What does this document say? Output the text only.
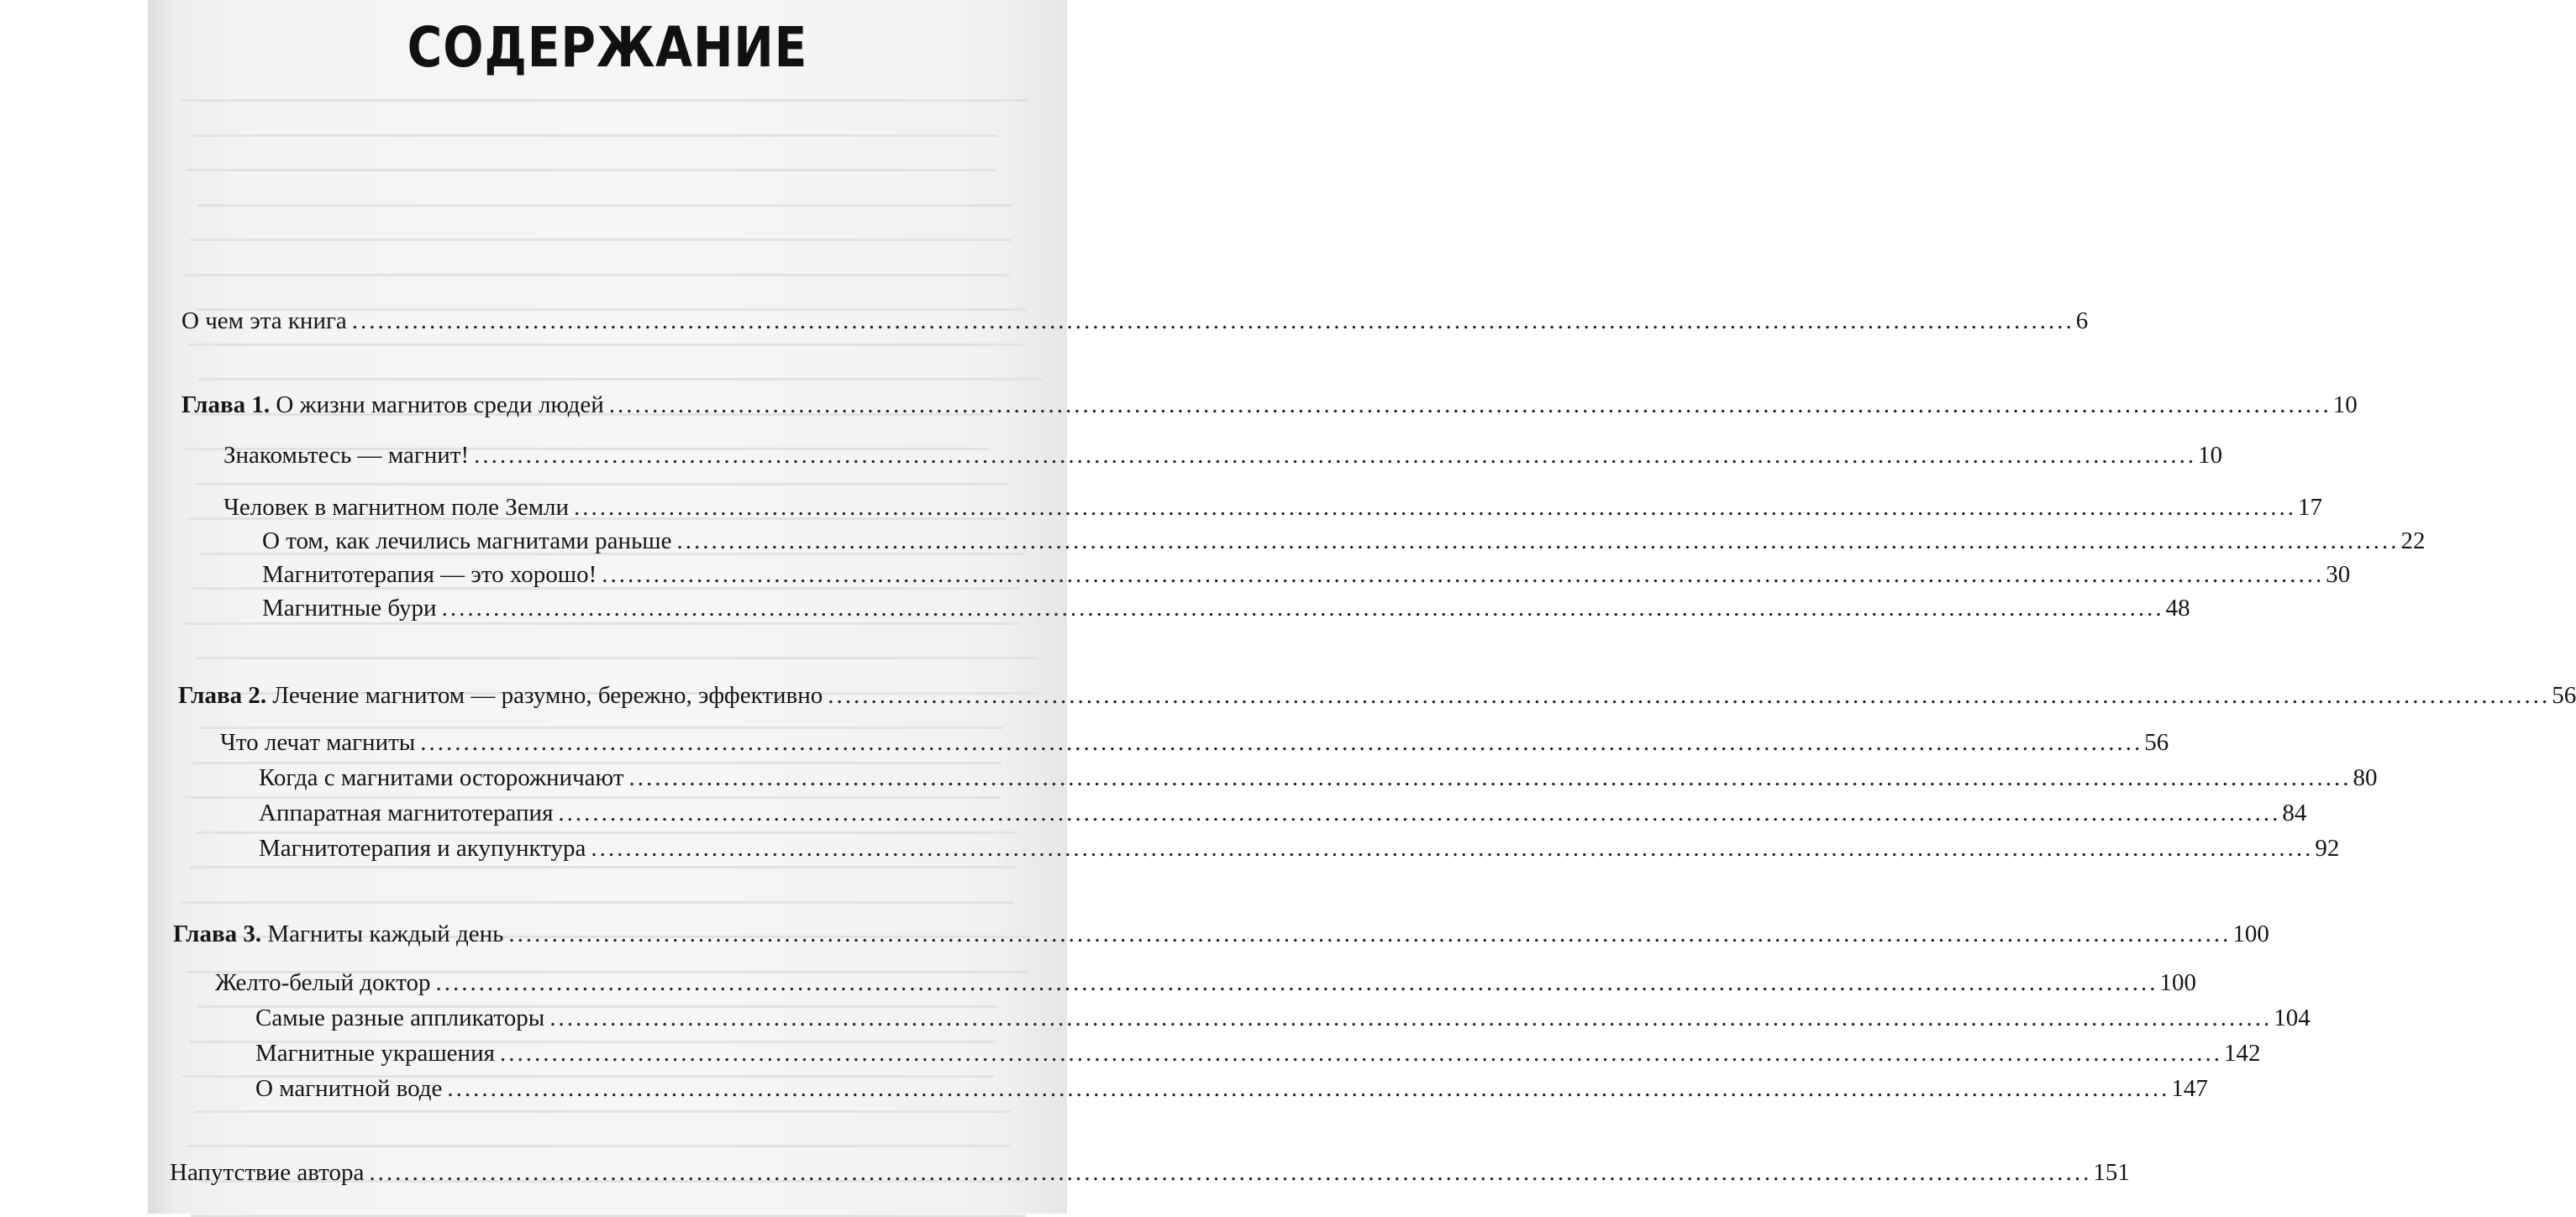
СОДЕРЖАНИЕ
О чем эта книга ........................................................................................................................................................................................................ 6
Глава 1. О жизни магнитов среди людей ........................................................................................................................................................................................................ 10
Знакомьтесь — магнит! ........................................................................................................................................................................................................ 10
Человек в магнитном поле Земли ........................................................................................................................................................................................................ 17
О том, как лечились магнитами раньше ........................................................................................................................................................................................................ 22
Магнитотерапия — это хорошо! ........................................................................................................................................................................................................ 30
Магнитные бури ........................................................................................................................................................................................................ 48
Глава 2. Лечение магнитом — разумно, бережно, эффективно ........................................................................................................................................................................................................ 56
Что лечат магниты ........................................................................................................................................................................................................ 56
Когда с магнитами осторожничают ........................................................................................................................................................................................................ 80
Аппаратная магнитотерапия ........................................................................................................................................................................................................ 84
Магнитотерапия и акупунктура ........................................................................................................................................................................................................ 92
Глава 3. Магниты каждый день ........................................................................................................................................................................................................ 100
Желто-белый доктор ........................................................................................................................................................................................................ 100
Самые разные аппликаторы ........................................................................................................................................................................................................ 104
Магнитные украшения ........................................................................................................................................................................................................ 142
О магнитной воде ........................................................................................................................................................................................................ 147
Напутствие автора ........................................................................................................................................................................................................ 151
